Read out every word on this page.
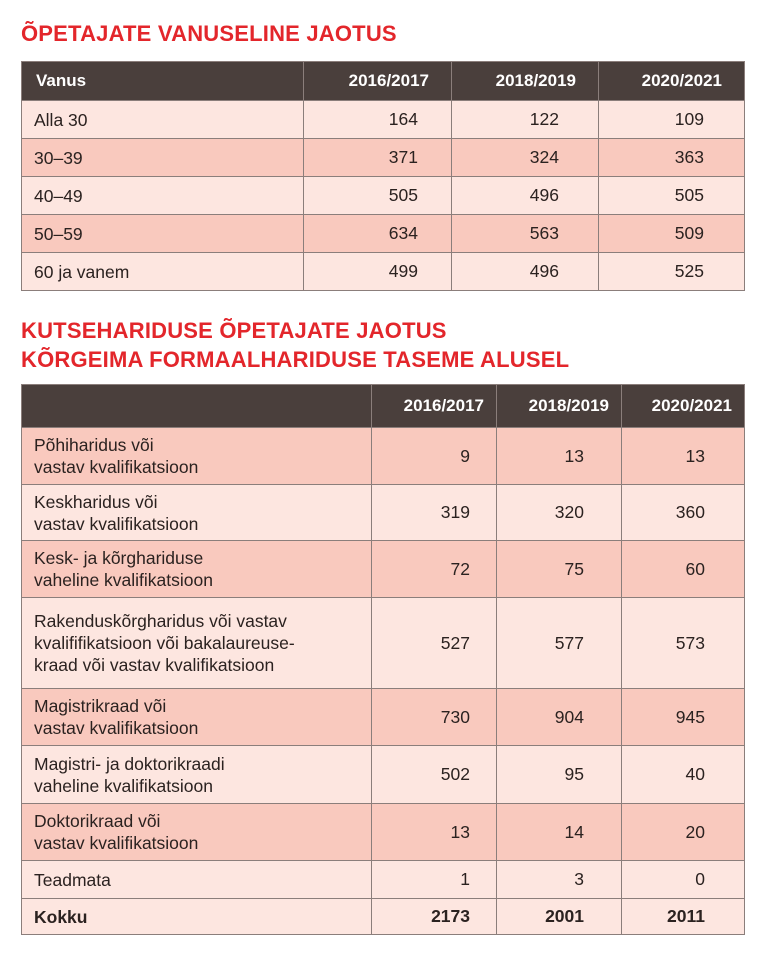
ÕPETAJATE VANUSELINE JAOTUS
Vanus	2016/2017	2018/2019	2020/2021
Alla 30	164	122	109
30–39	371	324	363
40–49	505	496	505
50–59	634	563	509
60 ja vanem	499	496	525
KUTSEHARIDUSE ÕPETAJATE JAOTUS
KÕRGEIMA FORMAALHARIDUSE TASEME ALUSEL
	2016/2017	2018/2019	2020/2021

Põhiharidus või
vastav kvalifikatsioon	9	13	13

Keskharidus või
vastav kvalifikatsioon	319	320	360

Kesk- ja kõrghariduse
vaheline kvalifikatsioon	72	75	60

Rakenduskõrgharidus või vastav
kvalififikatsioon või bakalaureuse-
kraad või vastav kvalifikatsioon	527	577	573

Magistrikraad või
vastav kvalifikatsioon	730	904	945

Magistri- ja doktorikraadi
vaheline kvalifikatsioon	502	95	40

Doktorikraad või
vastav kvalifikatsioon	13	14	20

Teadmata	1	3	0
Kokku	2173	2001	2011
